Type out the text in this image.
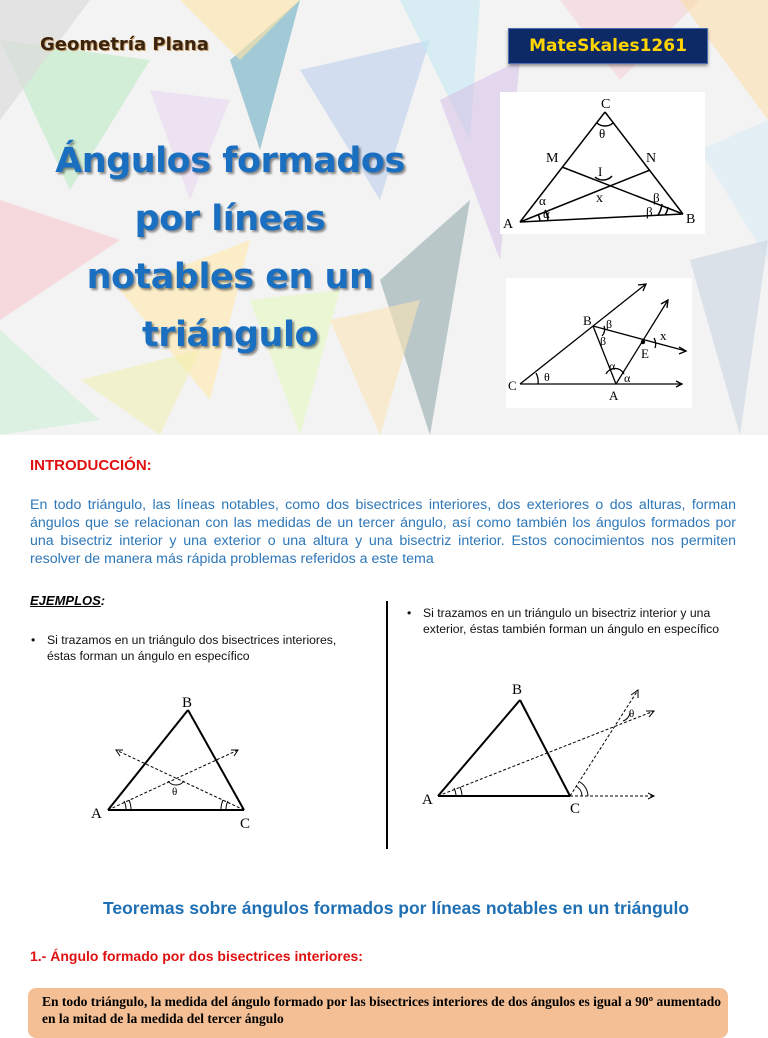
Geometría Plana	MateSkales1261
Ángulos formados
por líneas
notables en un
triángulo
C
A	B
M	N
I
x
θ
α
α
β
β
B
C
A
E
x
θ
β
β
α
α
INTRODUCCIÓN:
En todo triángulo, las líneas notables, como dos bisectrices interiores, dos exteriores o dos alturas, forman ángulos que se relacionan con las medidas de un tercer ángulo, así como también los ángulos formados por una bisectriz interior y una exterior o una altura y una bisectriz interior. Estos conocimientos nos permiten resolver de manera más rápida problemas referidos a este tema
EJEMPLOS:
• Si trazamos en un triángulo dos bisectrices interiores, éstas forman un ángulo en específico
• Si trazamos en un triángulo un bisectriz interior y una exterior, éstas también forman un ángulo en específico
B
A
C
θ
B
A
C
θ
Teoremas sobre ángulos formados por líneas notables en un triángulo
1.- Ángulo formado por dos bisectrices interiores:
En todo triángulo, la medida del ángulo formado por las bisectrices interiores de dos ángulos es igual a 90º aumentado en la mitad de la medida del tercer ángulo
